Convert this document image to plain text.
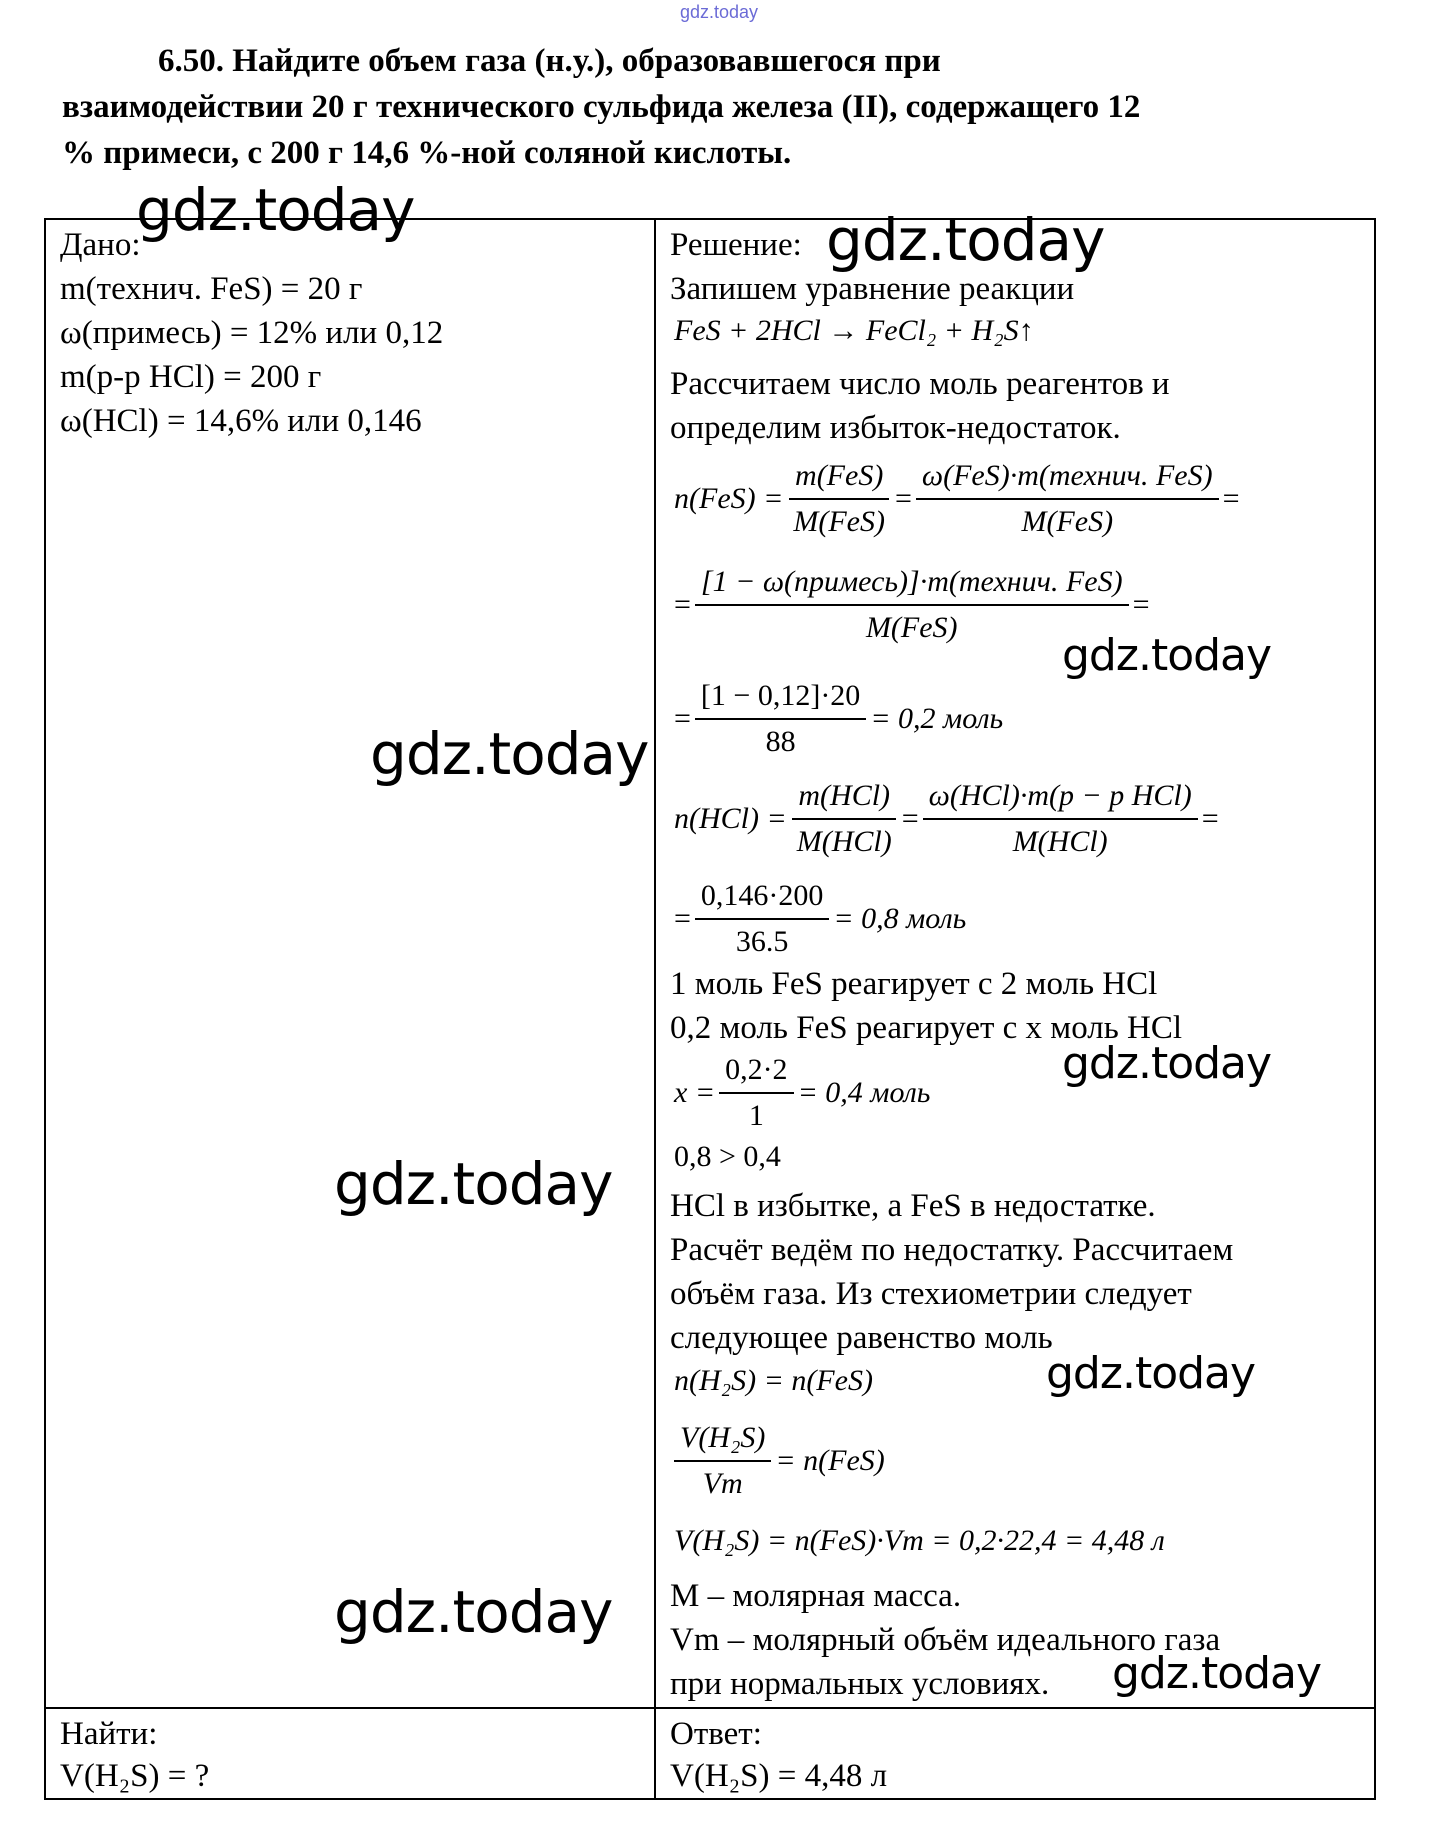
gdz.today
6.50. Найдите объем газа (н.у.), образовавшегося при
взаимодействии 20 г технического сульфида железа (II), содержащего 12
% примеси, с 200 г 14,6 %-ной соляной кислоты.
Дано:
m(технич. FeS) = 20 г
ω(примесь) = 12% или 0,12
m(р-р HCl) = 200 г
ω(HCl) = 14,6% или 0,146
Найти:
V(H₂S) = ?
Решение:
Запишем уравнение реакции
FeS + 2HCl → FeCl₂ + H₂S↑
Рассчитаем число моль реагентов и
определим избыток-недостаток.
$n(FeS) = \frac{\text{m(FeS)}}{\text{M(FeS)}} = \frac{\text{ω(FeS)·m(технич. FeS)}}{\text{M(FeS)}}$ =
= $\frac{\text{[1 − ω(примесь)]·m(технич. FeS)}}{\text{M(FeS)}}$ =
= $\frac{[1 - 0,12]\cdot 20}{88} = 0,2$ моль
$n(HCl) = \frac{\text{m(HCl)}}{\text{M(HCl)}} = \frac{\text{ω(HCl)·m(p − p HCl)}}{\text{M(HCl)}}$ =
= $\frac{0,146\cdot 200}{36.5} = 0,8$ моль
1 моль FeS реагирует с 2 моль HCl
0,2 моль FeS реагирует с x моль HCl
$x = \frac{0,2\cdot 2}{1} = 0,4$ моль
0,8 > 0,4
HCl в избытке, а FeS в недостатке.
Расчёт ведём по недостатку. Рассчитаем
объём газа. Из стехиометрии следует
следующее равенство моль
n(H₂S) = n(FeS)
$\frac{\text{V(H₂S)}}{Vm} = n(FeS)$
V(H₂S) = n(FeS)·Vm = 0,2·22,4 = 4,48 л
M – молярная масса.
Vm – молярный объём идеального газа
при нормальных условиях.
Ответ:
V(H₂S) = 4,48 л
gdz.today	gdz.today
gdz.today
gdz.today
gdz.today
gdz.today
gdz.today
gdz.today
gdz.today
